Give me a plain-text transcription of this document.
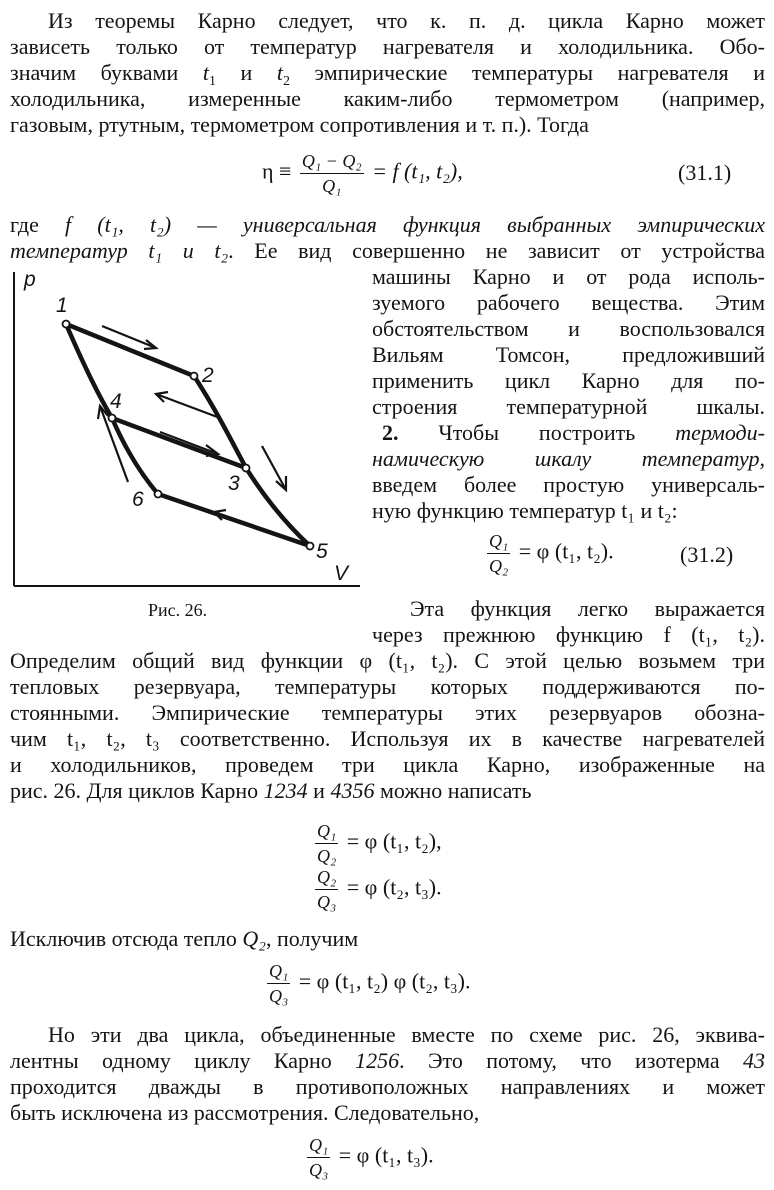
Из теоремы Карно следует, что к. п. д. цикла Карно может
зависеть только от температур нагревателя и холодильника. Обо-
значим буквами $t_1$ и $t_2$ эмпирические температуры нагревателя и
холодильника, измеренные каким-либо термометром (например,
газовым, ртутным, термометром сопротивления и т. п.). Тогда
$\eta \equiv \frac{\text{Q₁ − Q₂}}{\text{Q₁}} = f$ (t₁, t₂),	(31.1)
где f (t₁, t₂) — универсальная функция выбранных эмпирических
температур t₁ и t₂. Ее вид совершенно не зависит от устройства
машины Карно и от рода исполь-
зуемого рабочего вещества. Этим
обстоятельством и воспользовался
Вильям Томсон, предложивший
применить цикл Карно для по-
строения температурной шкалы.
2. Чтобы построить термоди-
намическую шкалу температур,
введем более простую универсаль-
ную функцию температур t₁ и t₂:
$\frac{\text{Q₁}}{\text{Q₂}} = \varphi$ (t₁, t₂).	(31.2)
p
V
1
2
3
4
5
6
Рис. 26.	Эта функция легко выражается
через прежнюю функцию f (t₁, t₂).
Определим общий вид функции φ (t₁, t₂). С этой целью возьмем три
тепловых резервуара, температуры которых поддерживаются по-
стоянными. Эмпирические температуры этих резервуаров обозна-
чим t₁, t₂, t₃ соответственно. Используя их в качестве нагревателей
и холодильников, проведем три цикла Карно, изображенные на
рис. 26. Для циклов Карно 1234 и 4356 можно написать
$\frac{\text{Q₁}}{\text{Q₂}} = \varphi$ (t₁, t₂),
$\frac{\text{Q₂}}{\text{Q₃}} = \varphi$ (t₂, t₃).
Исключив отсюда тепло Q₂, получим
$\frac{\text{Q₁}}{\text{Q₃}} = \varphi$ (t₁, t₂) φ (t₂, t₃).
Но эти два цикла, объединенные вместе по схеме рис. 26, эквива-
лентны одному циклу Карно 1256. Это потому, что изотерма 43
проходится дважды в противоположных направлениях и может
быть исключена из рассмотрения. Следовательно,
$\frac{\text{Q₁}}{\text{Q₃}} = \varphi$ (t₁, t₃).
